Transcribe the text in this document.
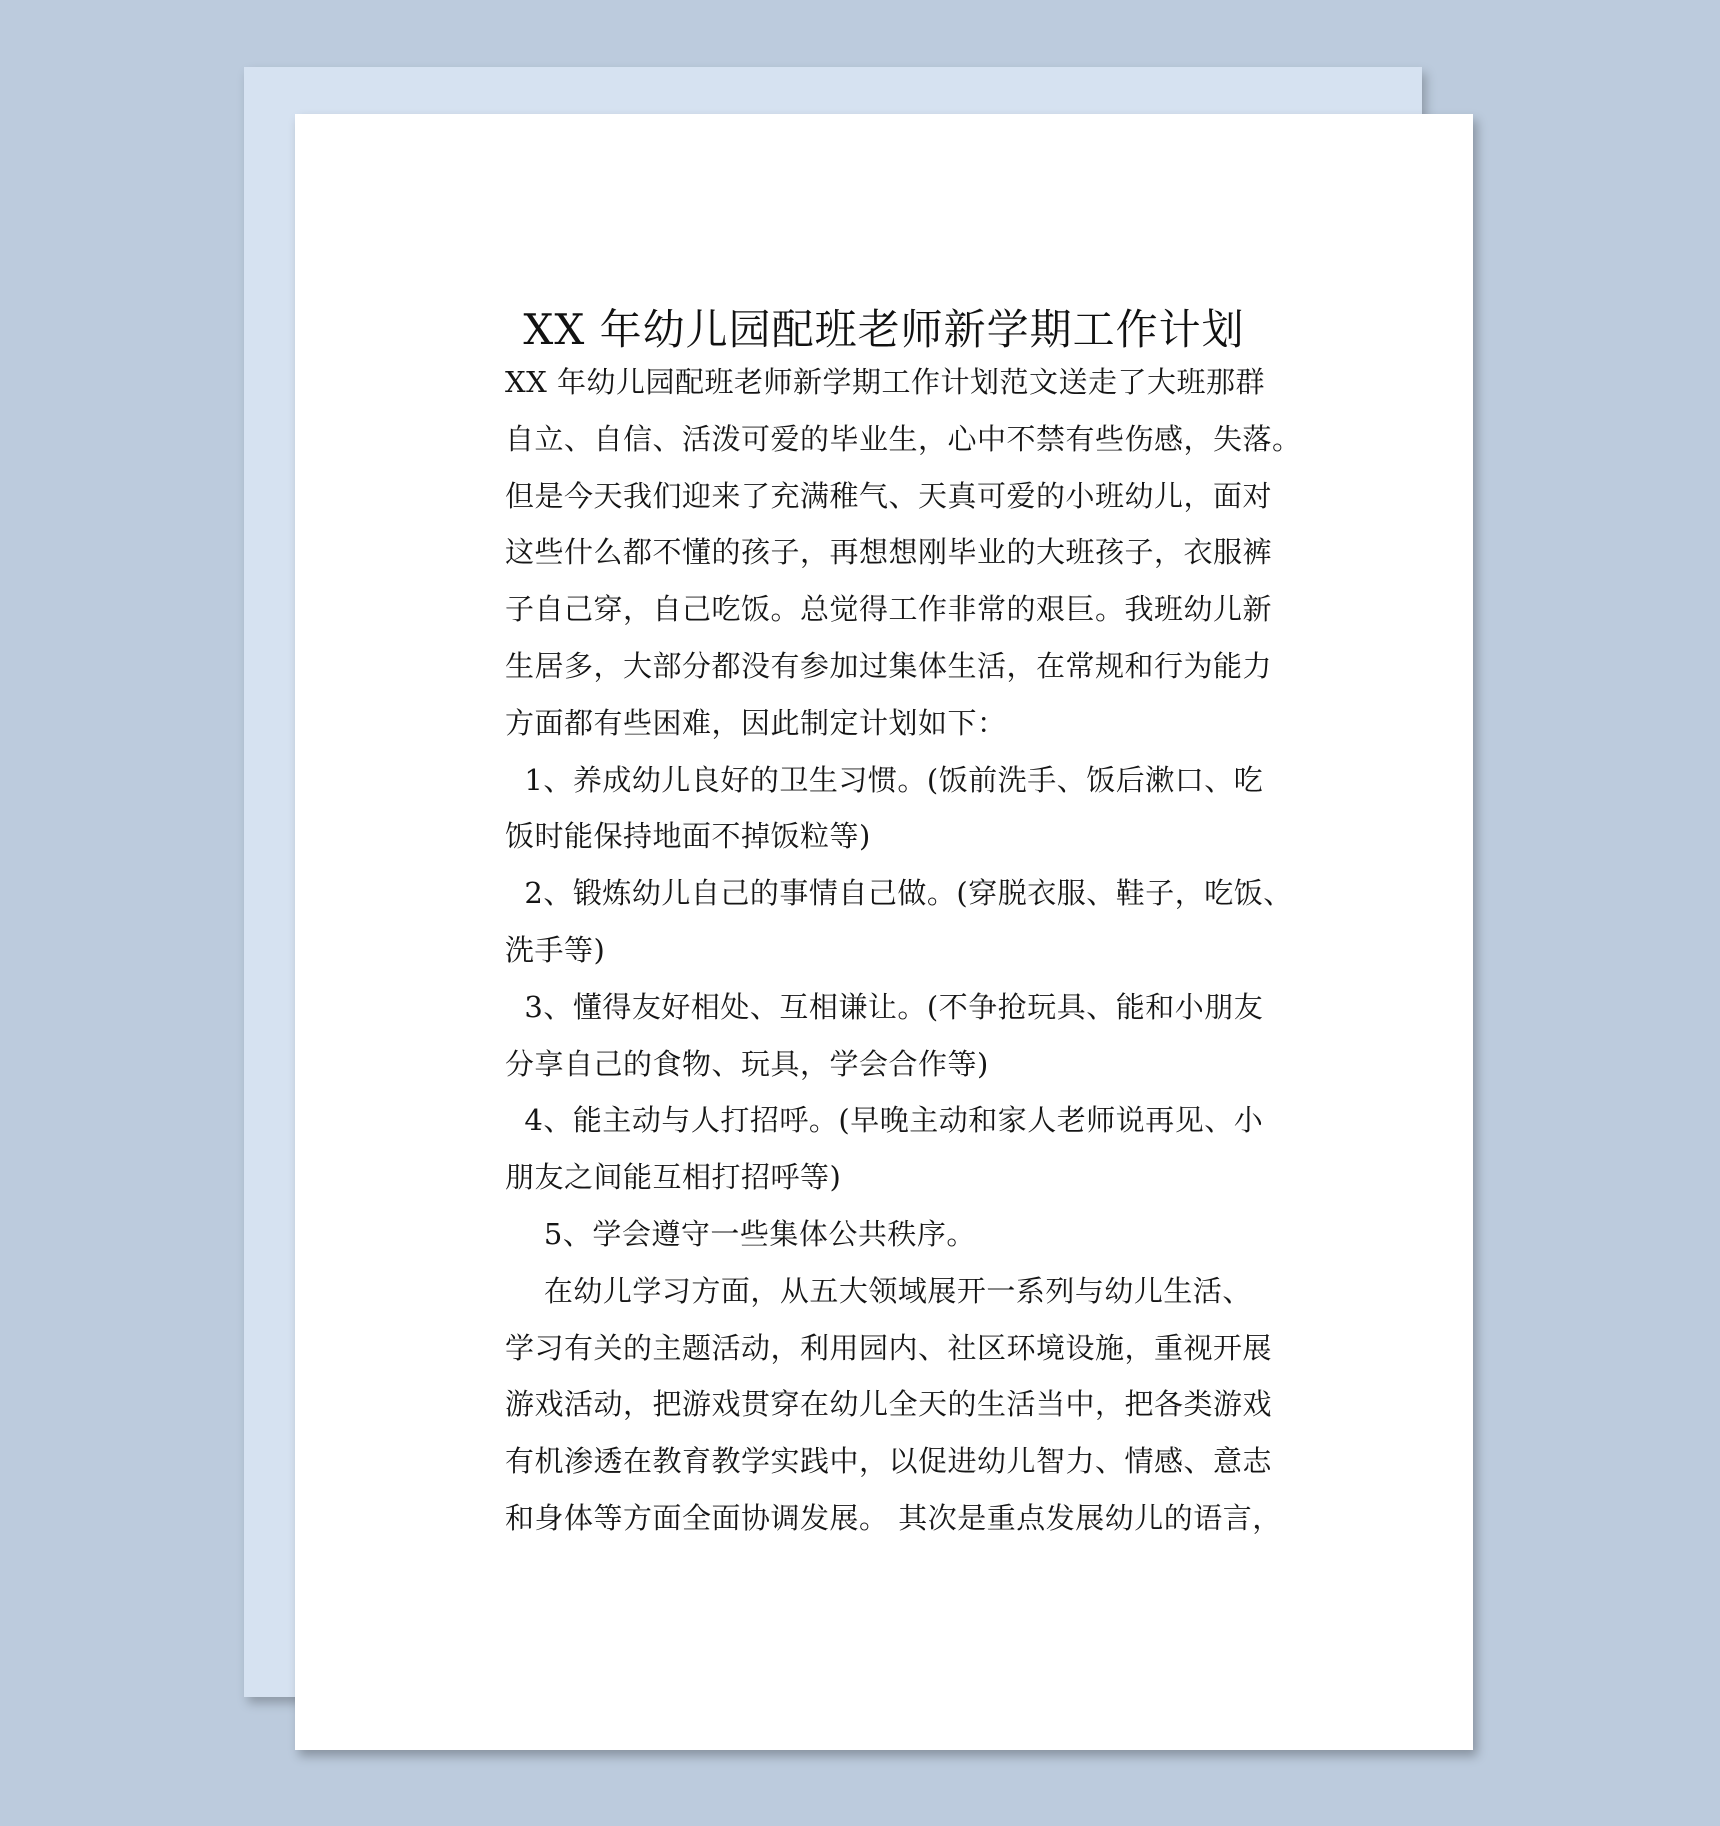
XX 年幼儿园配班老师新学期工作计划
XX 年幼儿园配班老师新学期工作计划范文送走了大班那群
自立、自信、活泼可爱的毕业生，心中不禁有些伤感，失落。
但是今天我们迎来了充满稚气、天真可爱的小班幼儿，面对
这些什么都不懂的孩子，再想想刚毕业的大班孩子，衣服裤
子自己穿，自己吃饭。总觉得工作非常的艰巨。我班幼儿新
生居多，大部分都没有参加过集体生活，在常规和行为能力
方面都有些困难，因此制定计划如下：
1、养成幼儿良好的卫生习惯。(饭前洗手、饭后漱口、吃
饭时能保持地面不掉饭粒等)
2、锻炼幼儿自己的事情自己做。(穿脱衣服、鞋子，吃饭、
洗手等)
3、懂得友好相处、互相谦让。(不争抢玩具、能和小朋友
分享自己的食物、玩具，学会合作等)
4、能主动与人打招呼。(早晚主动和家人老师说再见、小
朋友之间能互相打招呼等)
5、学会遵守一些集体公共秩序。
在幼儿学习方面，从五大领域展开一系列与幼儿生活、
学习有关的主题活动，利用园内、社区环境设施，重视开展
游戏活动，把游戏贯穿在幼儿全天的生活当中，把各类游戏
有机渗透在教育教学实践中，以促进幼儿智力、情感、意志
和身体等方面全面协调发展。 其次是重点发展幼儿的语言，
